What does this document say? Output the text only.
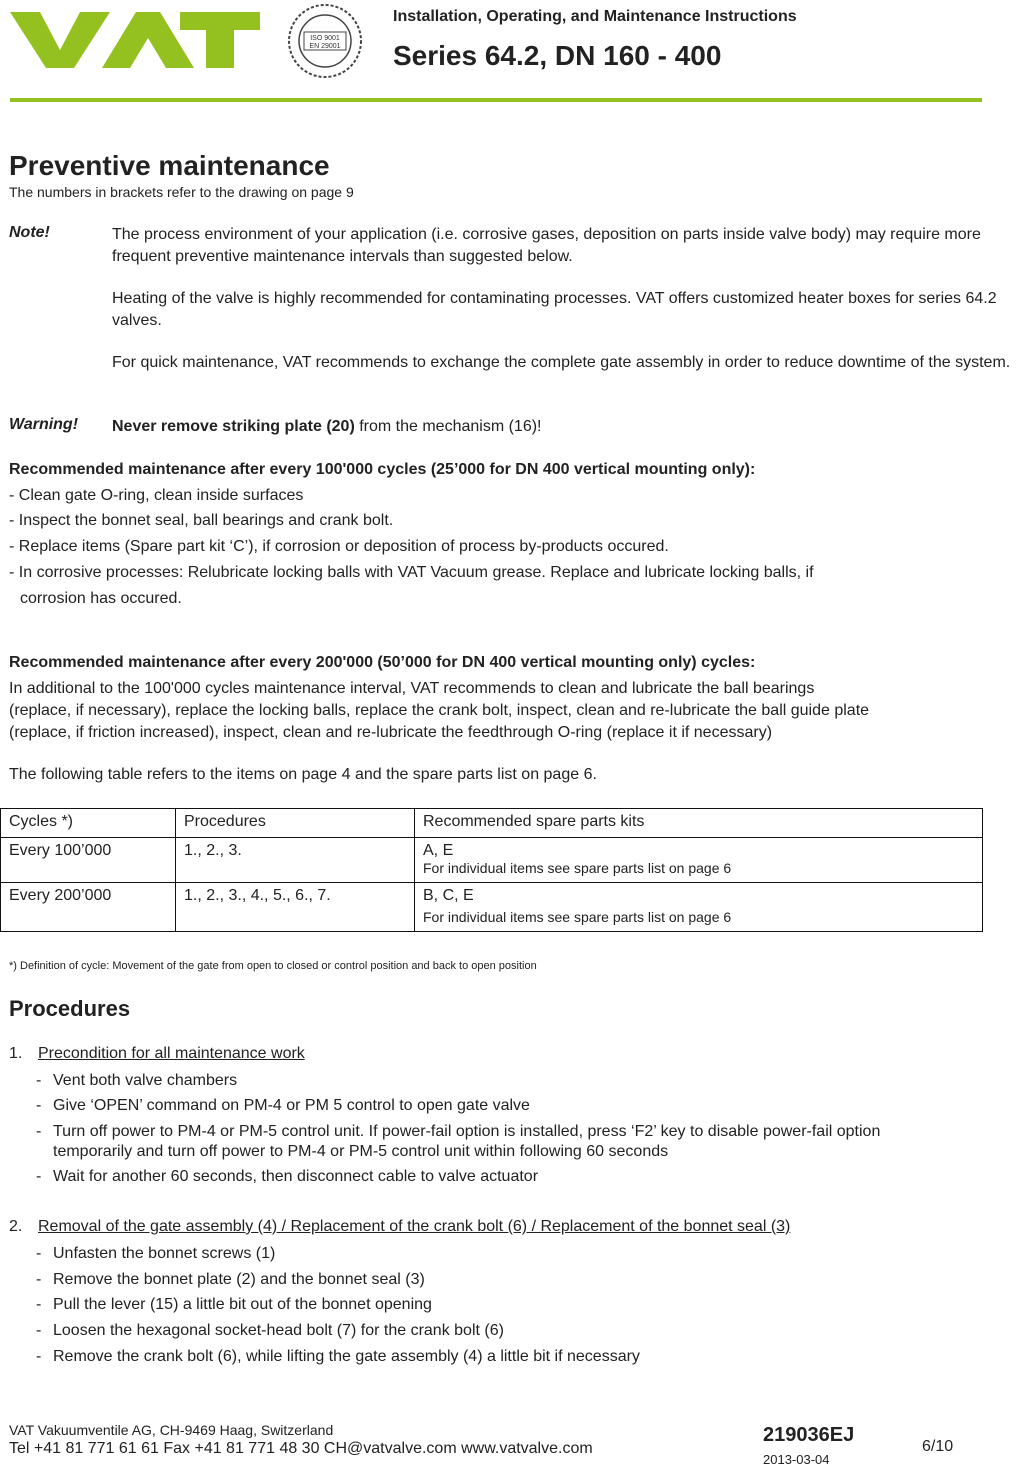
ISO 9001
EN 29001
Installation, Operating, and Maintenance Instructions
Series 64.2, DN 160 - 400
Preventive maintenance
The numbers in brackets refer to the drawing on page 9
Note!	The process environment of your application (i.e. corrosive gases, deposition on parts inside valve body) may require more frequent preventive maintenance intervals than suggested below.
Heating of the valve is highly recommended for contaminating processes. VAT offers customized heater boxes for series 64.2 valves.
For quick maintenance, VAT recommends to exchange the complete gate assembly in order to reduce downtime of the system.
Warning! Never remove striking plate (20) from the mechanism (16)!
Recommended maintenance after every 100'000 cycles (25’000 for DN 400 vertical mounting only):
- Clean gate O-ring, clean inside surfaces
- Inspect the bonnet seal, ball bearings and crank bolt.
- Replace items (Spare part kit ‘C’), if corrosion or deposition of process by-products occured.
- In corrosive processes: Relubricate locking balls with VAT Vacuum grease. Replace and lubricate locking balls, if
corrosion has occured.
Recommended maintenance after every 200'000 (50’000 for DN 400 vertical mounting only) cycles:
In additional to the 100'000 cycles maintenance interval, VAT recommends to clean and lubricate the ball bearings
(replace, if necessary), replace the locking balls, replace the crank bolt, inspect, clean and re-lubricate the ball guide plate
(replace, if friction increased), inspect, clean and re-lubricate the feedthrough O-ring (replace it if necessary)
The following table refers to the items on page 4 and the spare parts list on page 6.
Cycles *)	Procedures	Recommended spare parts kits
Every 100’000	1., 2., 3.	A, E
For individual items see spare parts list on page 6

Every 200’000	1., 2., 3., 4., 5., 6., 7.	B, C, E
For individual items see spare parts list on page 6
*) Definition of cycle: Movement of the gate from open to closed or control position and back to open position
Procedures
1. Precondition for all maintenance work
- Vent both valve chambers
- Give ‘OPEN’ command on PM-4 or PM 5 control to open gate valve
- Turn off power to PM-4 or PM-5 control unit. If power-fail option is installed, press ‘F2’ key to disable power-fail option
temporarily and turn off power to PM-4 or PM-5 control unit within following 60 seconds
- Wait for another 60 seconds, then disconnect cable to valve actuator
2. Removal of the gate assembly (4) / Replacement of the crank bolt (6) / Replacement of the bonnet seal (3)
- Unfasten the bonnet screws (1)
- Remove the bonnet plate (2) and the bonnet seal (3)
- Pull the lever (15) a little bit out of the bonnet opening
- Loosen the hexagonal socket-head bolt (7) for the crank bolt (6)
- Remove the crank bolt (6), while lifting the gate assembly (4) a little bit if necessary
VAT Vakuumventile AG, CH-9469 Haag, Switzerland
Tel +41 81 771 61 61 Fax +41 81 771 48 30 CH@vatvalve.com www.vatvalve.com
219036EJ
2013-03-04
6/10
